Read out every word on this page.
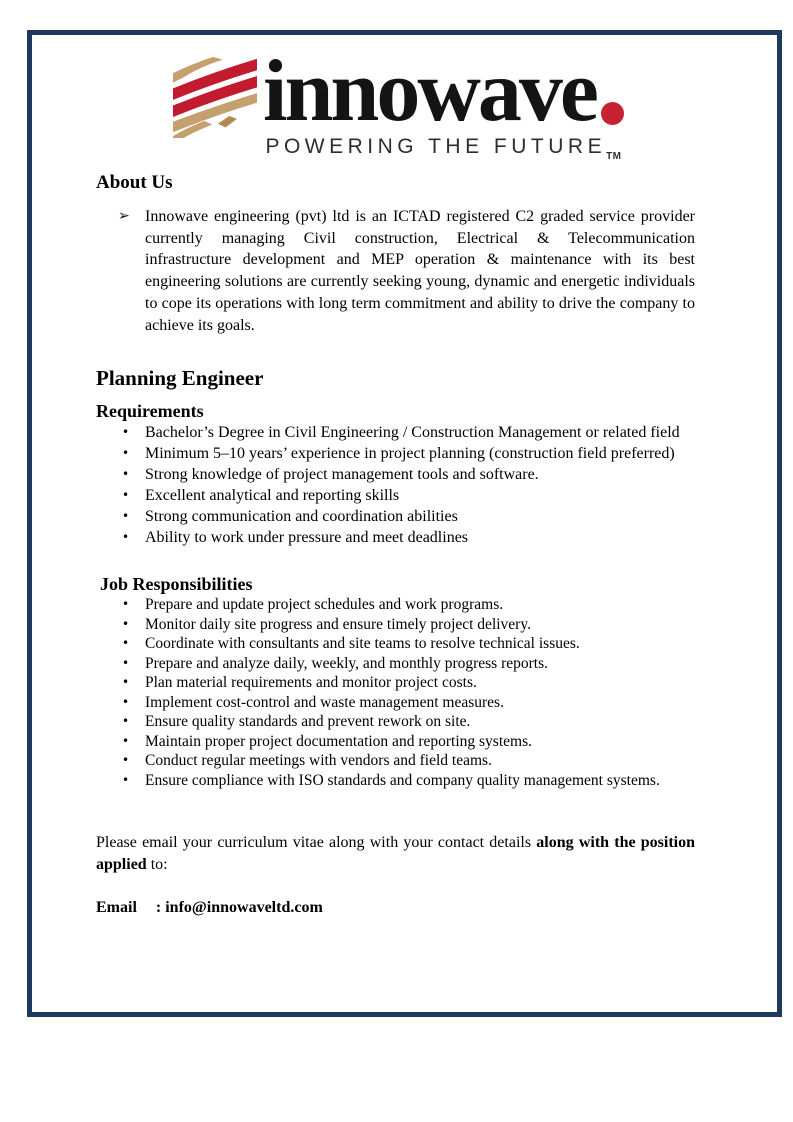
innowave
POWERING THE FUTURE TM
About Us
➢ Innowave engineering (pvt) ltd is an ICTAD registered C2 graded service provider currently managing Civil construction, Electrical & Telecommunication infrastructure development and MEP operation & maintenance with its best engineering solutions are currently seeking young, dynamic and energetic individuals to cope its operations with long term commitment and ability to drive the company to achieve its goals.

Planning Engineer
Requirements
• Bachelor’s Degree in Civil Engineering / Construction Management or related field
• Minimum 5–10 years’ experience in project planning (construction field preferred)
• Strong knowledge of project management tools and software.
• Excellent analytical and reporting skills
• Strong communication and coordination abilities
• Ability to work under pressure and meet deadlines
Job Responsibilities
• Prepare and update project schedules and work programs.
• Monitor daily site progress and ensure timely project delivery.
• Coordinate with consultants and site teams to resolve technical issues.
• Prepare and analyze daily, weekly, and monthly progress reports.
• Plan material requirements and monitor project costs.
• Implement cost-control and waste management measures.
• Ensure quality standards and prevent rework on site.
• Maintain proper project documentation and reporting systems.
• Conduct regular meetings with vendors and field teams.
• Ensure compliance with ISO standards and company quality management systems.

Please email your curriculum vitae along with your contact details along with the position applied to:

Email : info@innowaveltd.com
